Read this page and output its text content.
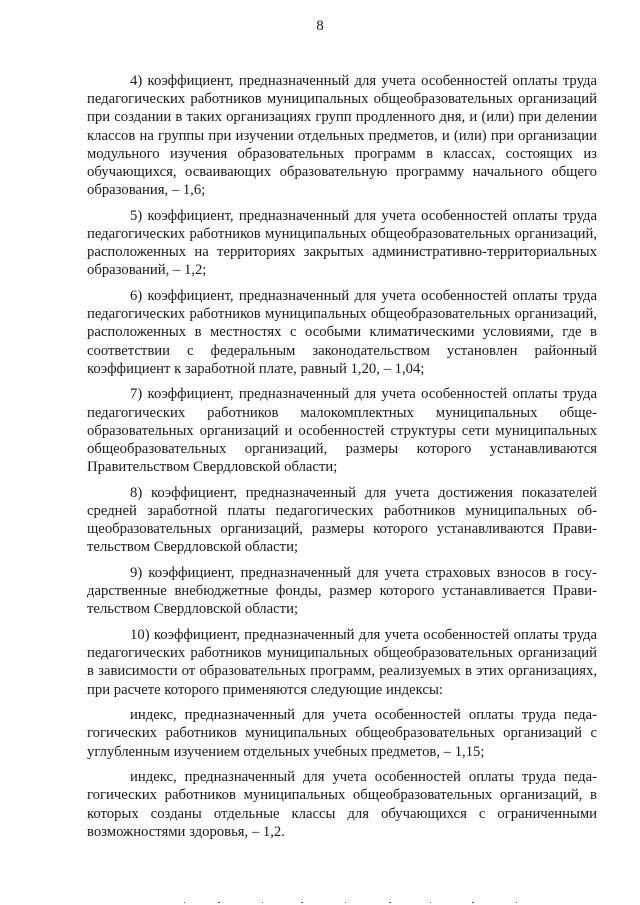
8

4) коэффициент, предназначенный для учета особенностей оплаты труда педагогических работников муниципальных общеобразовательных организаций при создании в таких организациях групп продленного дня, и (или) при делении классов на группы при изучении отдельных предметов, и (или) при организации модульного изучения образовательных программ в классах, состоящих из обучающихся, осваивающих образовательную программу начального общего образования, – 1,6;

5) коэффициент, предназначенный для учета особенностей оплаты труда педагогических работников муниципальных общеобразовательных организаций, расположенных на территориях закрытых административно-территориальных образований, – 1,2;

6) коэффициент, предназначенный для учета особенностей оплаты труда педагогических работников муниципальных общеобразовательных организаций, расположенных в местностях с особыми климатическими условиями, где в соответствии с федеральным законодательством установлен районный коэффициент к заработной плате, равный 1,20, – 1,04;

7) коэффициент, предназначенный для учета особенностей оплаты труда педагогических работников малокомплектных муниципальных общеобразовательных организаций и особенностей структуры сети муниципальных общеобразовательных организаций, размеры которого устанавливаются Правительством Свердловской области;

8) коэффициент, предназначенный для учета достижения показателей средней заработной платы педагогических работников муниципальных общеобразовательных организаций, размеры которого устанавливаются Правительством Свердловской области;

9) коэффициент, предназначенный для учета страховых взносов в государственные внебюджетные фонды, размер которого устанавливается Правительством Свердловской области;

10) коэффициент, предназначенный для учета особенностей оплаты труда педагогических работников муниципальных общеобразовательных организаций в зависимости от образовательных программ, реализуемых в этих организациях, при расчете которого применяются следующие индексы:

индекс, предназначенный для учета особенностей оплаты труда педагогических работников муниципальных общеобразовательных организаций с углубленным изучением отдельных учебных предметов, – 1,15;

индекс, предназначенный для учета особенностей оплаты труда педагогических работников муниципальных общеобразовательных организаций, в которых созданы отдельные классы для обучающихся с ограниченными возможностями здоровья, – 1,2.
